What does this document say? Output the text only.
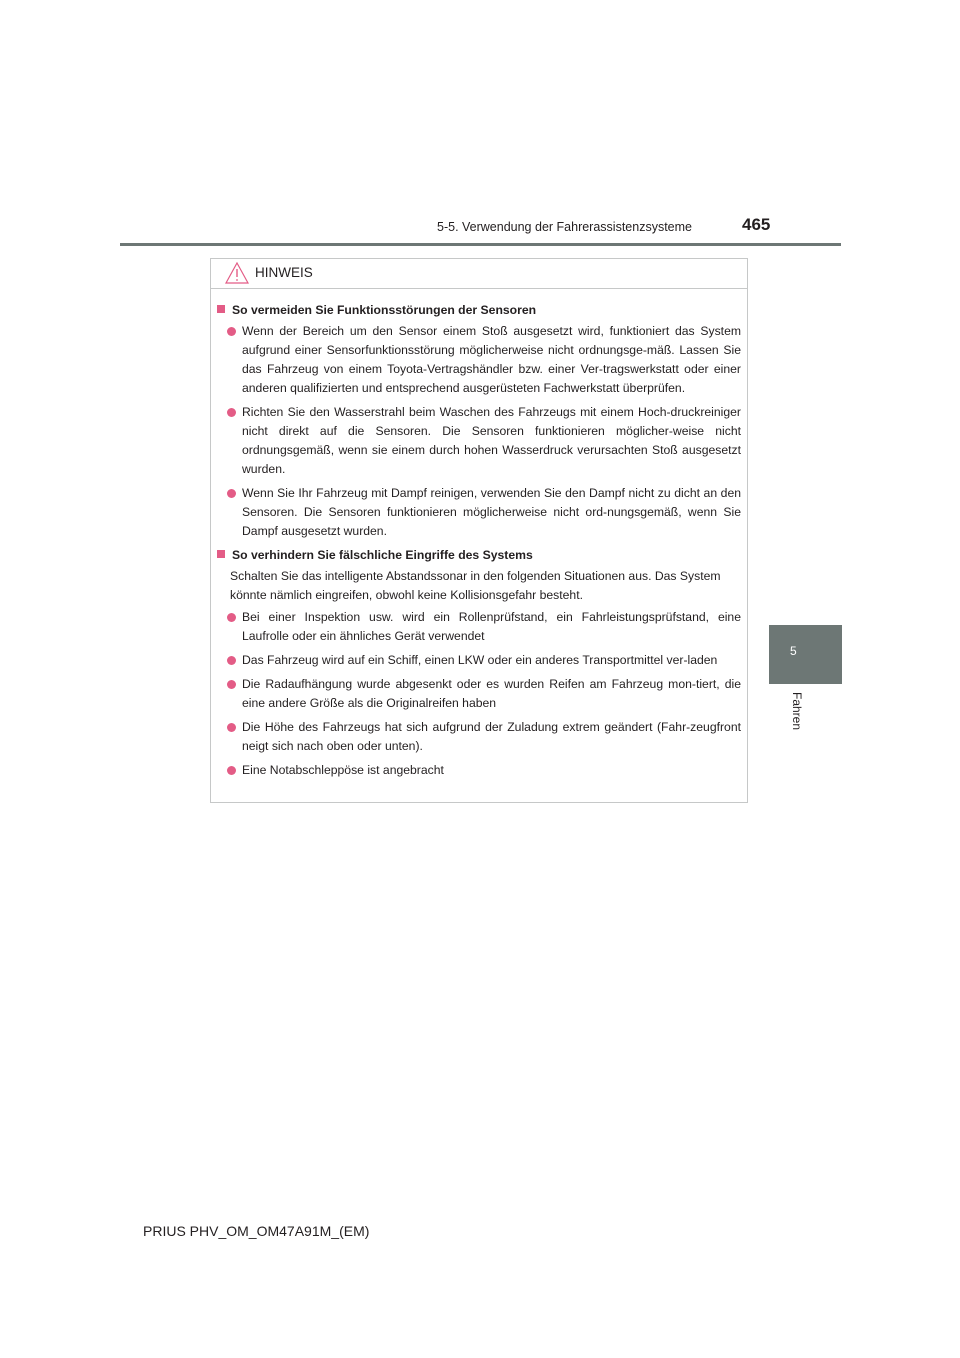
5-5. Verwendung der Fahrerassistenzsysteme	465
5
Fahren
HINWEIS
So vermeiden Sie Funktionsstörungen der Sensoren
Wenn der Bereich um den Sensor einem Stoß ausgesetzt wird, funktioniert das System aufgrund einer Sensorfunktionsstörung möglicherweise nicht ordnungsge-mäß. Lassen Sie das Fahrzeug von einem Toyota-Vertragshändler bzw. einer Ver-tragswerkstatt oder einer anderen qualifizierten und entsprechend ausgerüsteten Fachwerkstatt überprüfen.
Richten Sie den Wasserstrahl beim Waschen des Fahrzeugs mit einem Hoch-druckreiniger nicht direkt auf die Sensoren. Die Sensoren funktionieren möglicher-weise nicht ordnungsgemäß, wenn sie einem durch hohen Wasserdruck verursachten Stoß ausgesetzt wurden.
Wenn Sie Ihr Fahrzeug mit Dampf reinigen, verwenden Sie den Dampf nicht zu dicht an den Sensoren. Die Sensoren funktionieren möglicherweise nicht ord-nungsgemäß, wenn Sie Dampf ausgesetzt wurden.
So verhindern Sie fälschliche Eingriffe des Systems
Schalten Sie das intelligente Abstandssonar in den folgenden Situationen aus. Das System könnte nämlich eingreifen, obwohl keine Kollisionsgefahr besteht.
Bei einer Inspektion usw. wird ein Rollenprüfstand, ein Fahrleistungsprüfstand, eine Laufrolle oder ein ähnliches Gerät verwendet
Das Fahrzeug wird auf ein Schiff, einen LKW oder ein anderes Transportmittel ver-laden
Die Radaufhängung wurde abgesenkt oder es wurden Reifen am Fahrzeug mon-tiert, die eine andere Größe als die Originalreifen haben
Die Höhe des Fahrzeugs hat sich aufgrund der Zuladung extrem geändert (Fahr-zeugfront neigt sich nach oben oder unten).
Eine Notabschleppöse ist angebracht
PRIUS PHV_OM_OM47A91M_(EM)
